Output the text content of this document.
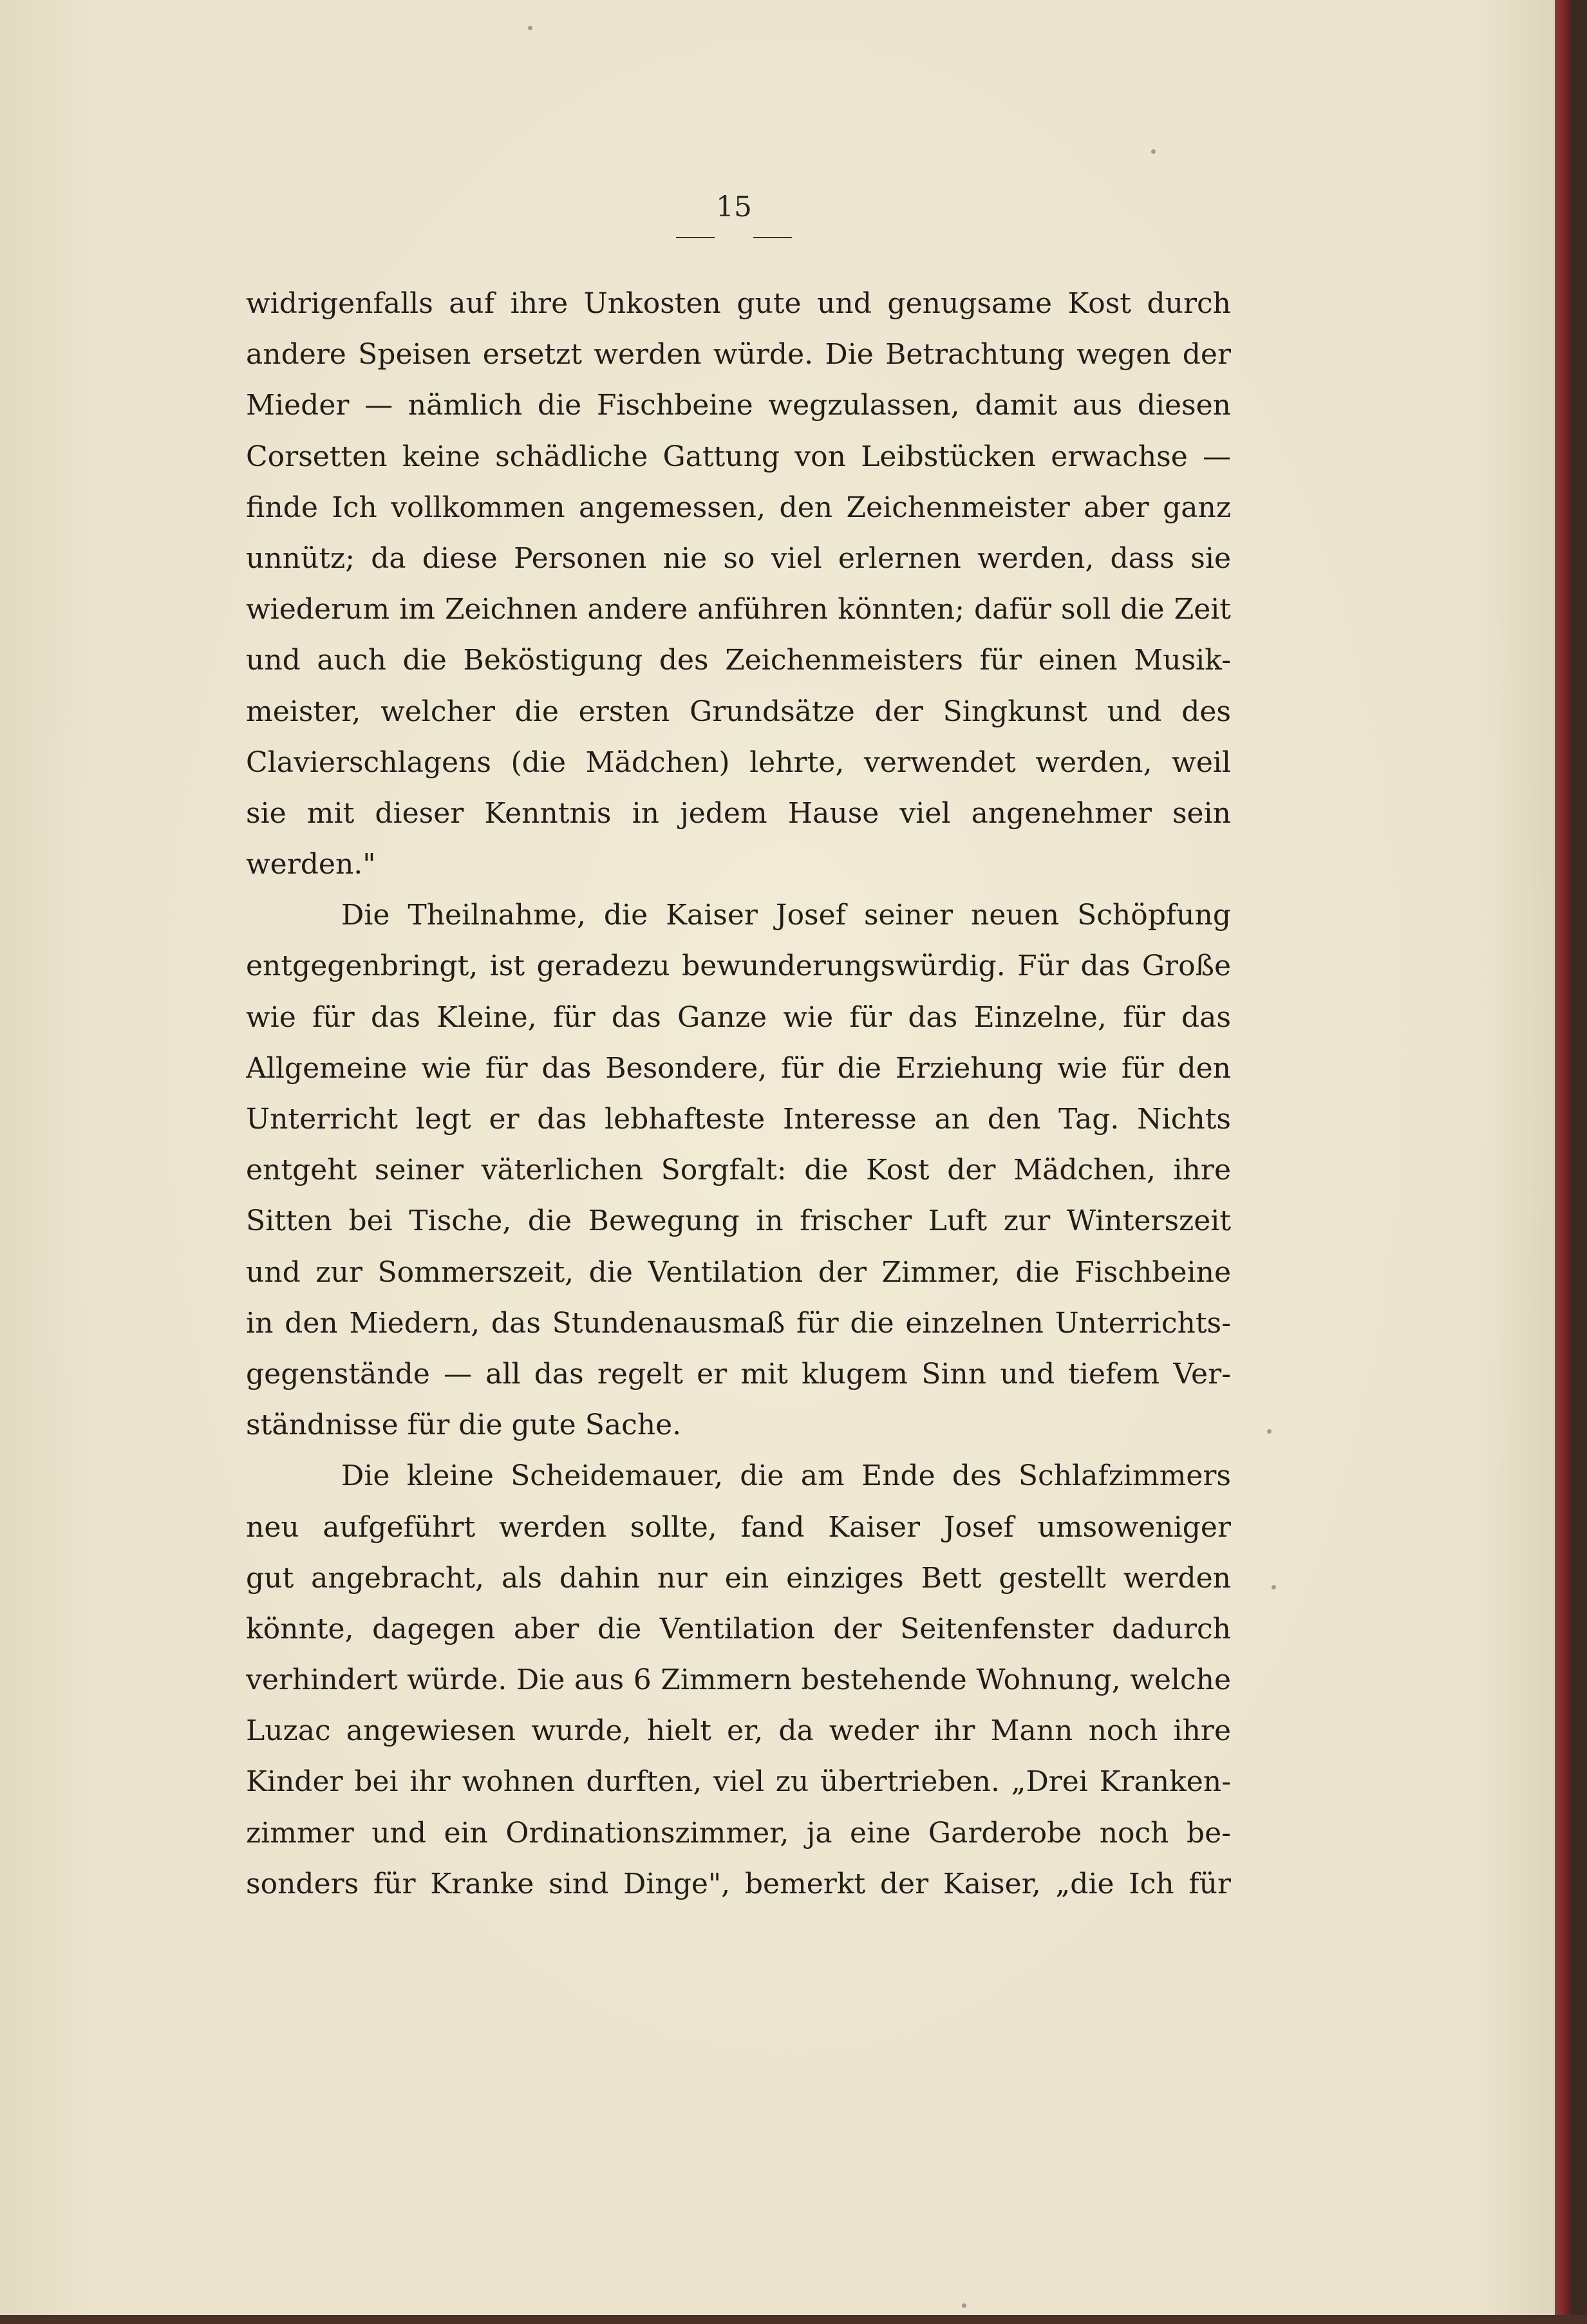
15
widrigenfalls auf ihre Unkosten gute und genugsame Kost durch
andere Speisen ersetzt werden würde. Die Betrachtung wegen der
Mieder — nämlich die Fischbeine wegzulassen, damit aus diesen
Corsetten keine schädliche Gattung von Leibstücken erwachse —
finde Ich vollkommen angemessen, den Zeichenmeister aber ganz
unnütz; da diese Personen nie so viel erlernen werden, dass sie
wiederum im Zeichnen andere anführen könnten; dafür soll die Zeit
und auch die Beköstigung des Zeichenmeisters für einen Musik-
meister, welcher die ersten Grundsätze der Singkunst und des
Clavierschlagens (die Mädchen) lehrte, verwendet werden, weil
sie mit dieser Kenntnis in jedem Hause viel angenehmer sein
werden."
Die Theilnahme, die Kaiser Josef seiner neuen Schöpfung
entgegenbringt, ist geradezu bewunderungswürdig. Für das Große
wie für das Kleine, für das Ganze wie für das Einzelne, für das
Allgemeine wie für das Besondere, für die Erziehung wie für den
Unterricht legt er das lebhafteste Interesse an den Tag. Nichts
entgeht seiner väterlichen Sorgfalt: die Kost der Mädchen, ihre
Sitten bei Tische, die Bewegung in frischer Luft zur Winterszeit
und zur Sommerszeit, die Ventilation der Zimmer, die Fischbeine
in den Miedern, das Stundenausmaß für die einzelnen Unterrichts-
gegenstände — all das regelt er mit klugem Sinn und tiefem Ver-
ständnisse für die gute Sache.
Die kleine Scheidemauer, die am Ende des Schlafzimmers
neu aufgeführt werden sollte, fand Kaiser Josef umsoweniger
gut angebracht, als dahin nur ein einziges Bett gestellt werden
könnte, dagegen aber die Ventilation der Seitenfenster dadurch
verhindert würde. Die aus 6 Zimmern bestehende Wohnung, welche
Luzac angewiesen wurde, hielt er, da weder ihr Mann noch ihre
Kinder bei ihr wohnen durften, viel zu übertrieben. „Drei Kranken-
zimmer und ein Ordinationszimmer, ja eine Garderobe noch be-
sonders für Kranke sind Dinge", bemerkt der Kaiser, „die Ich für
